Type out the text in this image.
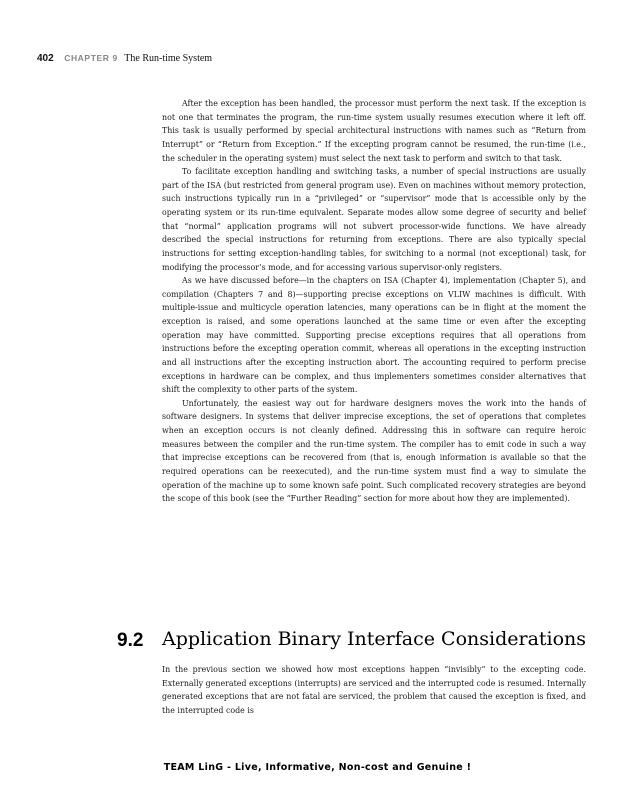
402 CHAPTER 9 The Run-time System

After the exception has been handled, the processor must perform the next task. If the exception is not one that terminates the program, the run-time system usually resumes execution where it left off. This task is usually performed by special architectural instructions with names such as “Return from Interrupt” or “Return from Exception.” If the excepting program cannot be resumed, the run-time (i.e., the scheduler in the operating system) must select the next task to perform and switch to that task.

To facilitate exception handling and switching tasks, a number of special instructions are usually part of the ISA (but restricted from general program use). Even on machines without memory protection, such instructions typically run in a “privileged” or “supervisor” mode that is accessible only by the operating system or its run-time equivalent. Separate modes allow some degree of security and belief that “normal” application programs will not subvert processor-wide functions. We have already described the special instructions for returning from exceptions. There are also typically special instructions for setting exception-handling tables, for switching to a normal (not exceptional) task, for modifying the processor’s mode, and for accessing various supervisor-only registers.

As we have discussed before—in the chapters on ISA (Chapter 4), implementation (Chapter 5), and compilation (Chapters 7 and 8)—supporting precise exceptions on VLIW machines is difficult. With multiple-issue and multicycle operation latencies, many operations can be in flight at the moment the exception is raised, and some operations launched at the same time or even after the excepting operation may have committed. Supporting precise exceptions requires that all operations from instructions before the excepting operation commit, whereas all operations in the excepting instruction and all instructions after the excepting instruction abort. The accounting required to perform precise exceptions in hardware can be complex, and thus implementers sometimes consider alternatives that shift the complexity to other parts of the system.

Unfortunately, the easiest way out for hardware designers moves the work into the hands of software designers. In systems that deliver imprecise exceptions, the set of operations that completes when an exception occurs is not cleanly defined. Addressing this in software can require heroic measures between the compiler and the run-time system. The compiler has to emit code in such a way that imprecise exceptions can be recovered from (that is, enough information is available so that the required operations can be reexecuted), and the run-time system must find a way to simulate the operation of the machine up to some known safe point. Such complicated recovery strategies are beyond the scope of this book (see the “Further Reading” section for more about how they are implemented).

9.2 Application Binary Interface Considerations

In the previous section we showed how most exceptions happen “invisibly” to the excepting code. Externally generated exceptions (interrupts) are serviced and the interrupted code is resumed. Internally generated exceptions that are not fatal are serviced, the problem that caused the exception is fixed, and the interrupted code is

TEAM LinG - Live, Informative, Non-cost and Genuine !
